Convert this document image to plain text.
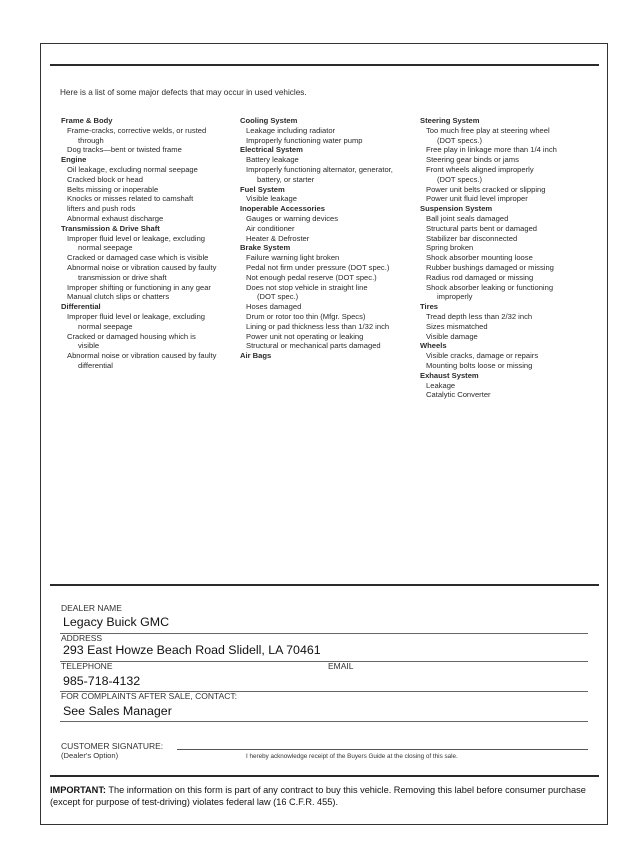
Here is a list of some major defects that may occur in used vehicles.
Frame & Body
Frame-cracks, corrective welds, or rusted
through
Dog tracks—bent or twisted frame
Engine
Oil leakage, excluding normal seepage
Cracked block or head
Belts missing or inoperable
Knocks or misses related to camshaft
lifters and push rods
Abnormal exhaust discharge
Transmission & Drive Shaft
Improper fluid level or leakage, excluding
normal seepage
Cracked or damaged case which is visible
Abnormal noise or vibration caused by faulty
transmission or drive shaft
Improper shifting or functioning in any gear
Manual clutch slips or chatters
Differential
Improper fluid level or leakage, excluding
normal seepage
Cracked or damaged housing which is
visible
Abnormal noise or vibration caused by faulty
differential
Cooling System
Leakage including radiator
Improperly functioning water pump
Electrical System
Battery leakage
Improperly functioning alternator, generator,
battery, or starter
Fuel System
Visible leakage
Inoperable Accessories
Gauges or warning devices
Air conditioner
Heater & Defroster
Brake System
Failure warning light broken
Pedal not firm under pressure (DOT spec.)
Not enough pedal reserve (DOT spec.)
Does not stop vehicle in straight line
(DOT spec.)
Hoses damaged
Drum or rotor too thin (Mfgr. Specs)
Lining or pad thickness less than 1/32 inch
Power unit not operating or leaking
Structural or mechanical parts damaged
Air Bags
Steering System
Too much free play at steering wheel
(DOT specs.)
Free play in linkage more than 1/4 inch
Steering gear binds or jams
Front wheels aligned improperly
(DOT specs.)
Power unit belts cracked or slipping
Power unit fluid level improper
Suspension System
Ball joint seals damaged
Structural parts bent or damaged
Stabilizer bar disconnected
Spring broken
Shock absorber mounting loose
Rubber bushings damaged or missing
Radius rod damaged or missing
Shock absorber leaking or functioning
improperly
Tires
Tread depth less than 2/32 inch
Sizes mismatched
Visible damage
Wheels
Visible cracks, damage or repairs
Mounting bolts loose or missing
Exhaust System
Leakage
Catalytic Converter
DEALER NAME
Legacy Buick GMC
ADDRESS
293 East Howze Beach Road Slidell, LA 70461
TELEPHONE	EMAIL
985-718-4132
FOR COMPLAINTS AFTER SALE, CONTACT:
See Sales Manager
CUSTOMER SIGNATURE:
(Dealer's Option)	I hereby acknowledge receipt of the Buyers Guide at the closing of this sale.
IMPORTANT: The information on this form is part of any contract to buy this vehicle. Removing this label before consumer purchase (except for purpose of test-driving) violates federal law (16 C.F.R. 455).
